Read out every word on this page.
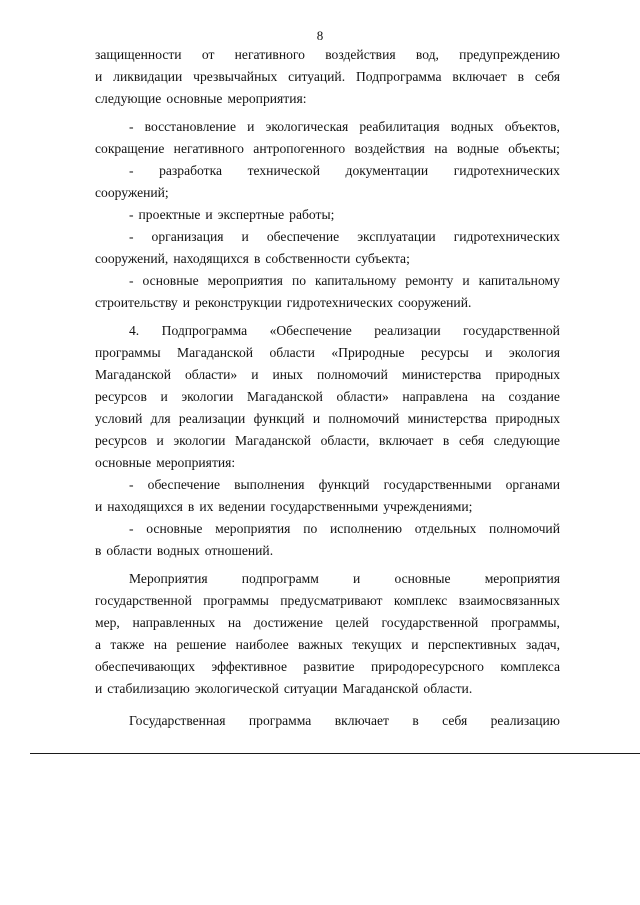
8
защищенности от негативного воздействия вод, предупреждению
и ликвидации чрезвычайных ситуаций. Подпрограмма включает в себя
следующие основные мероприятия:
- восстановление и экологическая реабилитация водных объектов,
сокращение негативного антропогенного воздействия на водные объекты;
- разработка технической документации гидротехнических
сооружений;
- проектные и экспертные работы;
- организация и обеспечение эксплуатации гидротехнических
сооружений, находящихся в собственности субъекта;
- основные мероприятия по капитальному ремонту и капитальному
строительству и реконструкции гидротехнических сооружений.
4. Подпрограмма «Обеспечение реализации государственной
программы Магаданской области «Природные ресурсы и экология
Магаданской области» и иных полномочий министерства природных
ресурсов и экологии Магаданской области» направлена на создание
условий для реализации функций и полномочий министерства природных
ресурсов и экологии Магаданской области, включает в себя следующие
основные мероприятия:
- обеспечение выполнения функций государственными органами
и находящихся в их ведении государственными учреждениями;
- основные мероприятия по исполнению отдельных полномочий
в области водных отношений.
Мероприятия	подпрограмм	и	основные	мероприятия
государственной программы предусматривают комплекс взаимосвязанных
мер, направленных на достижение целей государственной программы,
а также на решение наиболее важных текущих и перспективных задач,
обеспечивающих эффективное развитие природоресурсного комплекса
и стабилизацию экологической ситуации Магаданской области.
Государственная программа включает в себя реализацию
